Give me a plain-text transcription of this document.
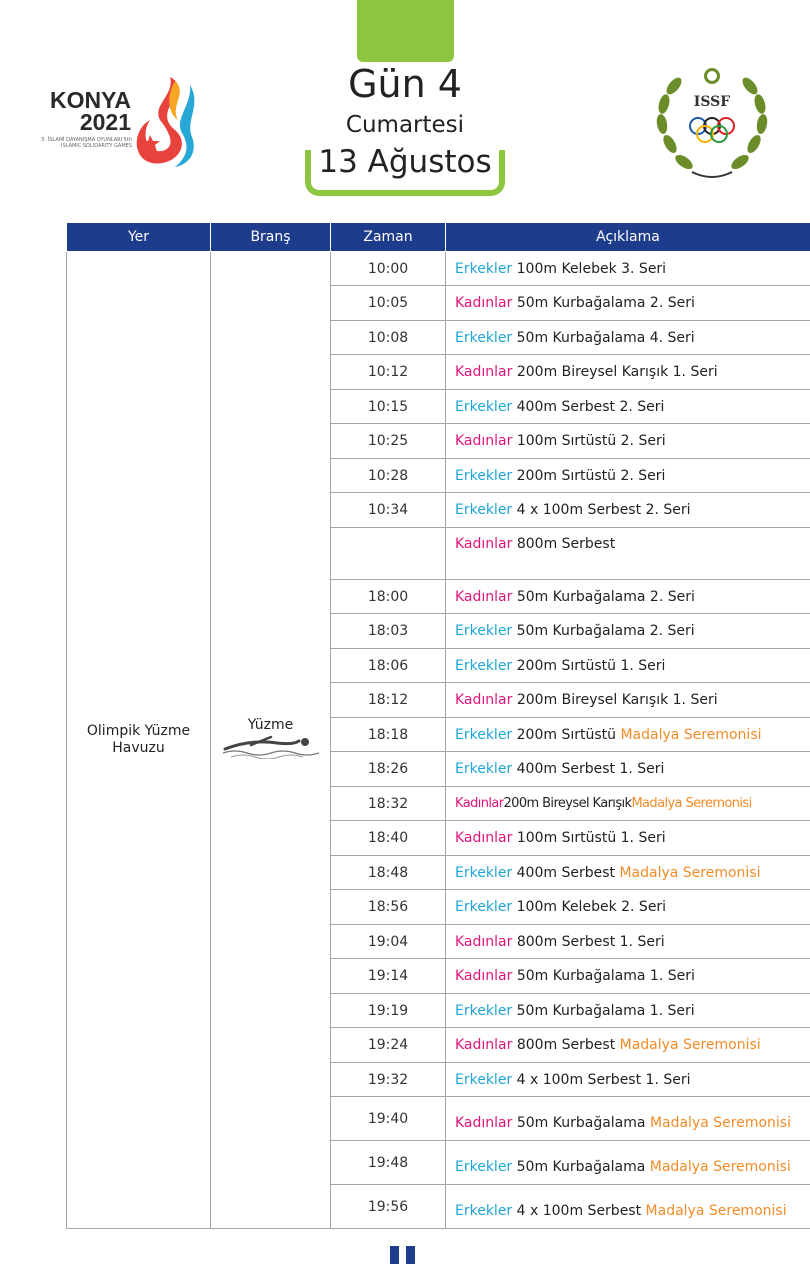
Gün 4
Cumartesi
13 Ağustos
KONYA
2021
5. İSLAMİ DAYANIŞMA OYUNLARI 5th ISLAMIC SOLIDARITY GAMES
ISSF
Yer	Branş	Zaman	Açıklama

Olimpik Yüzme Havuzu	Yüzme	10:00	Erkekler 100m Kelebek 3. Seri
		10:05	Kadınlar 50m Kurbağalama 2. Seri
		10:08	Erkekler 50m Kurbağalama 4. Seri
		10:12	Kadınlar 200m Bireysel Karışık 1. Seri
		10:15	Erkekler 400m Serbest 2. Seri
		10:25	Kadınlar 100m Sırtüstü 2. Seri
		10:28	Erkekler 200m Sırtüstü 2. Seri
		10:34	Erkekler 4 x 100m Serbest 2. Seri
			Kadınlar 800m Serbest
		18:00	Kadınlar 50m Kurbağalama 2. Seri
		18:03	Erkekler 50m Kurbağalama 2. Seri
		18:06	Erkekler 200m Sırtüstü 1. Seri
		18:12	Kadınlar 200m Bireysel Karışık 1. Seri
		18:18	Erkekler 200m Sırtüstü Madalya Seremonisi
		18:26	Erkekler 400m Serbest 1. Seri
		18:32	Kadınlar200m Bireysel KarışıkMadalya Seremonisi
		18:40	Kadınlar 100m Sırtüstü 1. Seri
		18:48	Erkekler 400m Serbest Madalya Seremonisi
		18:56	Erkekler 100m Kelebek 2. Seri
		19:04	Kadınlar 800m Serbest 1. Seri
		19:14	Kadınlar 50m Kurbağalama 1. Seri
		19:19	Erkekler 50m Kurbağalama 1. Seri
		19:24	Kadınlar 800m Serbest Madalya Seremonisi
		19:32	Erkekler 4 x 100m Serbest 1. Seri
		19:40	Kadınlar 50m Kurbağalama Madalya Seremonisi
		19:48	Erkekler 50m Kurbağalama Madalya Seremonisi
		19:56	Erkekler 4 x 100m Serbest Madalya Seremonisi
